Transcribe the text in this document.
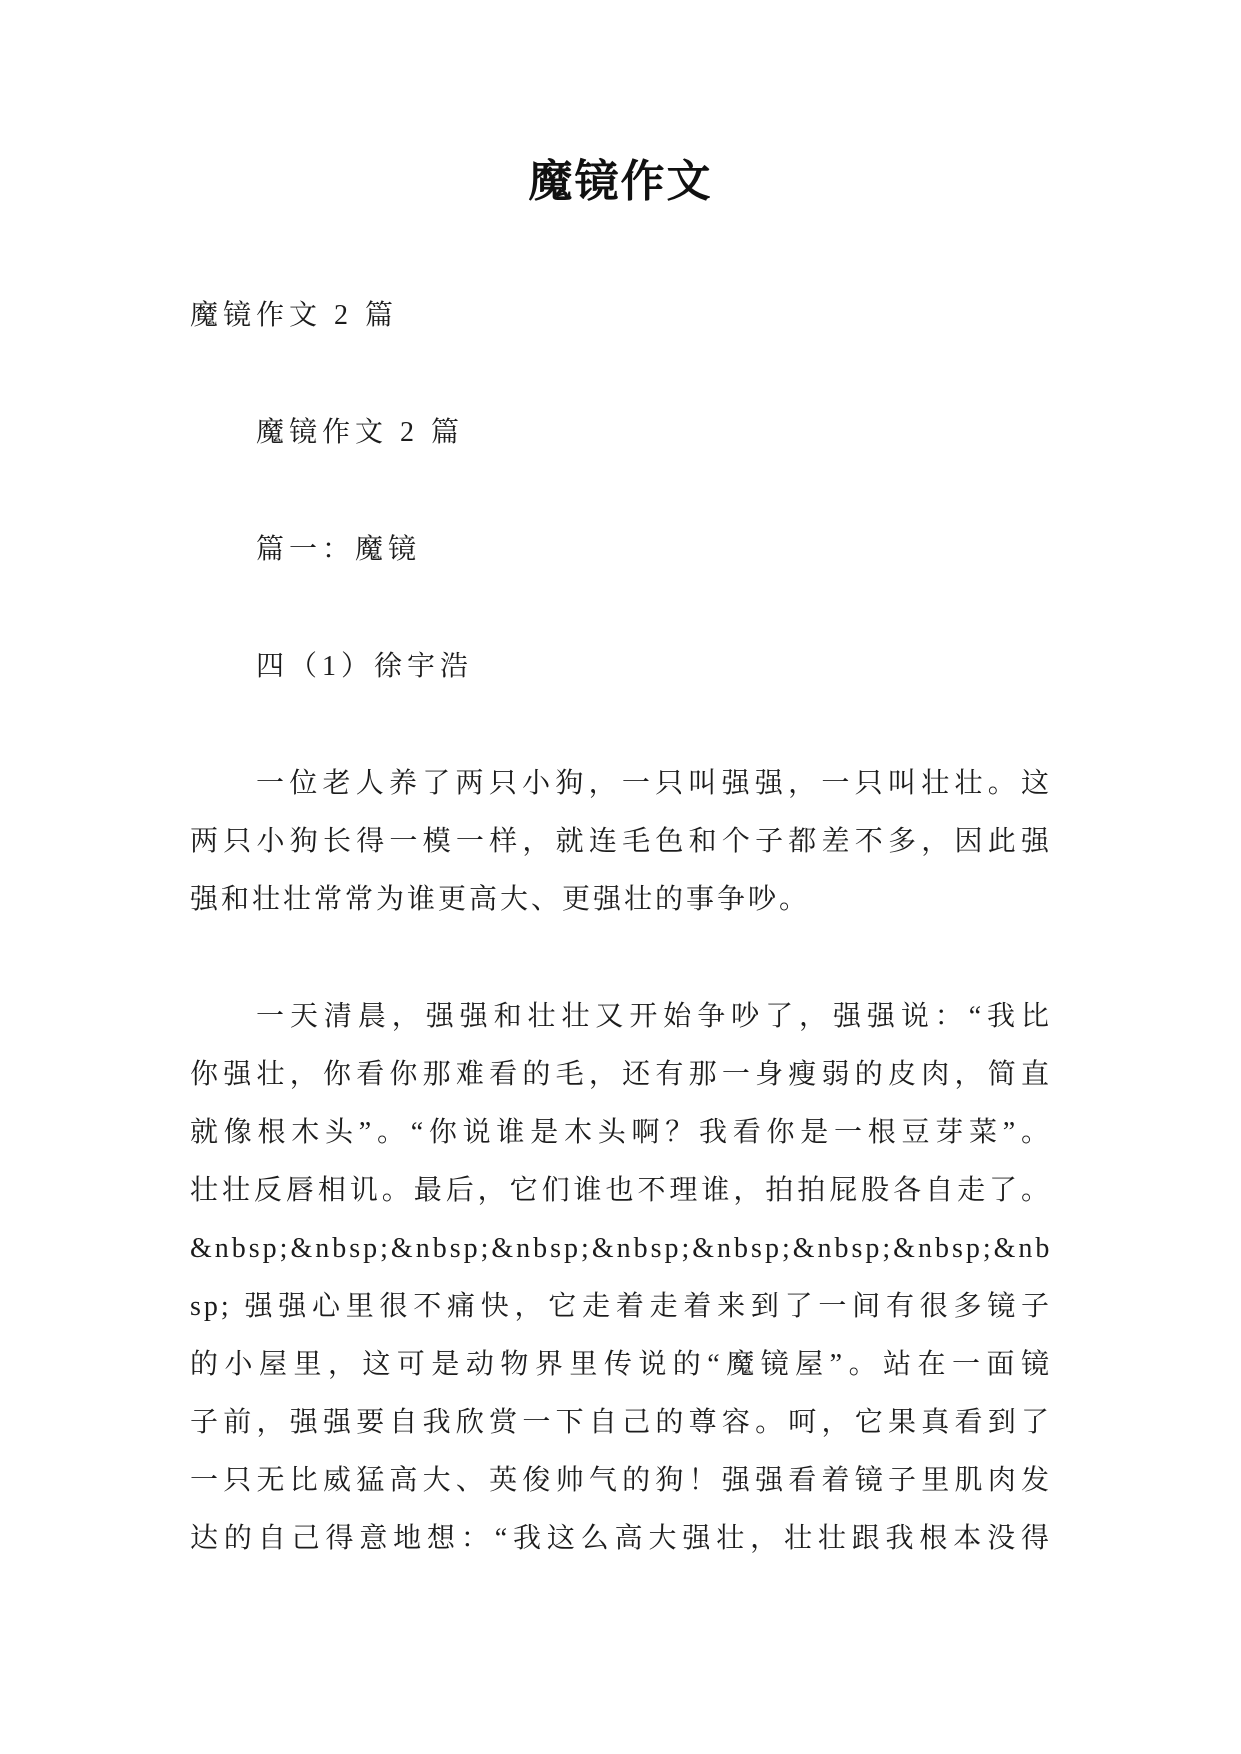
魔镜作文
魔镜作文 2 篇
魔镜作文 2 篇
篇一：魔镜
四（1）徐宇浩
一位老人养了两只小狗，一只叫强强，一只叫壮壮。这
两只小狗长得一模一样，就连毛色和个子都差不多，因此强
强和壮壮常常为谁更高大、更强壮的事争吵。
一天清晨，强强和壮壮又开始争吵了，强强说：“我比
你强壮，你看你那难看的毛，还有那一身瘦弱的皮肉，简直
就像根木头”。“你说谁是木头啊？我看你是一根豆芽菜”。
壮壮反唇相讥。最后，它们谁也不理谁，拍拍屁股各自走了。
&nbsp;&nbsp;&nbsp;&nbsp;&nbsp;&nbsp;&nbsp;&nbsp;&nb
sp; 强强心里很不痛快，它走着走着来到了一间有很多镜子
的小屋里，这可是动物界里传说的“魔镜屋”。站在一面镜
子前，强强要自我欣赏一下自己的尊容。呵，它果真看到了
一只无比威猛高大、英俊帅气的狗！强强看着镜子里肌肉发
达的自己得意地想：“我这么高大强壮，壮壮跟我根本没得
